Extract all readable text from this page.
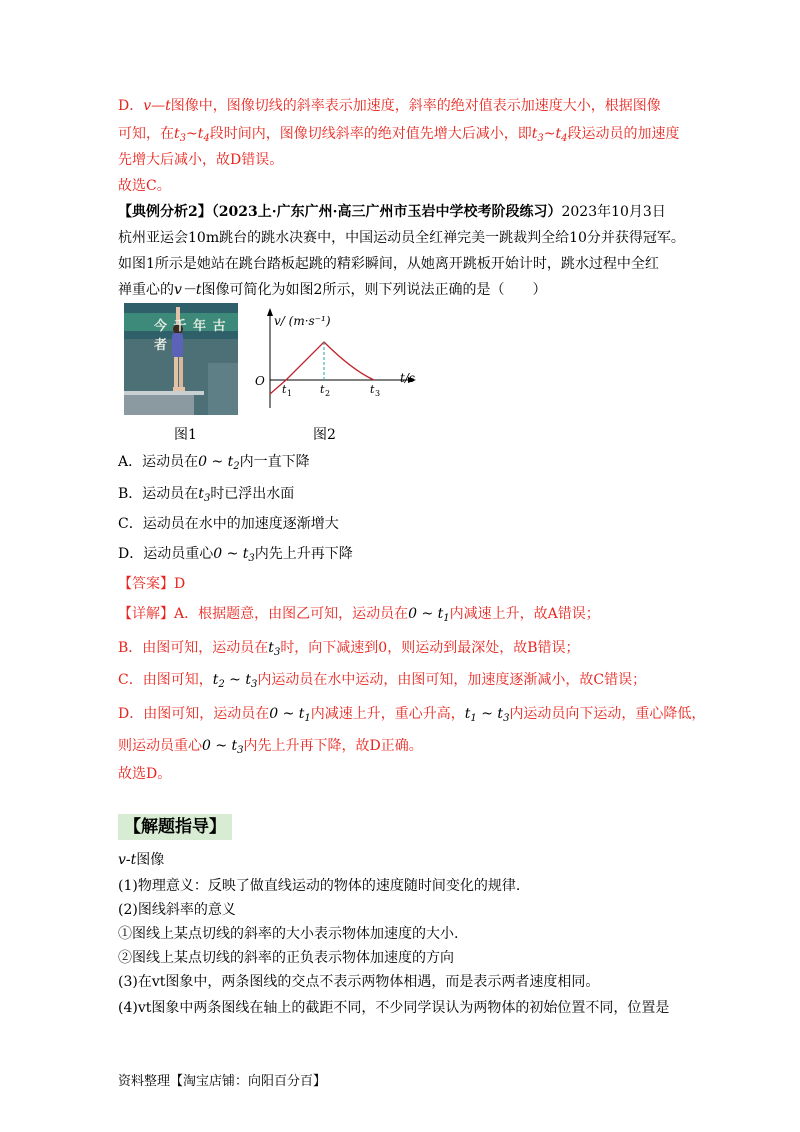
D．v—t图像中，图像切线的斜率表示加速度，斜率的绝对值表示加速度大小，根据图像
可知，在$t_3\sim t_4$段时间内，图像切线斜率的绝对值先增大后减小，即$t_3\sim t_4$段运动员的加速度
先增大后减小，故D错误。
故选C。
【典例分析2】（2023上·广东广州·高三广州市玉岩中学校考阶段练习）2023年10月3日
杭州亚运会10m跳台的跳水决赛中，中国运动员全红禅完美一跳裁判全给10分并获得冠军。
如图1所示是她站在跳台踏板起跳的精彩瞬间，从她离开跳板开始计时，跳水过程中全红
禅重心的v－t图像可简化为如图2所示，则下列说法正确的是（　　）
今 千 年 古 者
v/ (m·s⁻¹)
t/s
O
t 1	t 2	t 3
图1	图2
A．运动员在0 ~ $t_2$内一直下降
B．运动员在$t_3$时已浮出水面
C．运动员在水中的加速度逐渐增大
D．运动员重心0 ~ $t_3$内先上升再下降
【答案】D
【详解】A．根据题意，由图乙可知，运动员在0 ~ $t_1$内减速上升，故A错误；
B．由图可知，运动员在$t_3$时，向下减速到0，则运动到最深处，故B错误；
C．由图可知，$t_2$ ~ $t_3$内运动员在水中运动，由图可知，加速度逐渐减小，故C错误；
D．由图可知，运动员在0 ~ $t_1$内减速上升，重心升高，$t_1$ ~ $t_3$内运动员向下运动，重心降低，
则运动员重心0 ~ $t_3$内先上升再下降，故D正确。
故选D。
【解题指导】
v-t图像
(1)物理意义：反映了做直线运动的物体的速度随时间变化的规律.
(2)图线斜率的意义
①图线上某点切线的斜率的大小表示物体加速度的大小.
②图线上某点切线的斜率的正负表示物体加速度的方向
(3)在vt图象中，两条图线的交点不表示两物体相遇，而是表示两者速度相同。
(4)vt图象中两条图线在轴上的截距不同，不少同学误认为两物体的初始位置不同，位置是
资料整理【淘宝店铺：向阳百分百】
